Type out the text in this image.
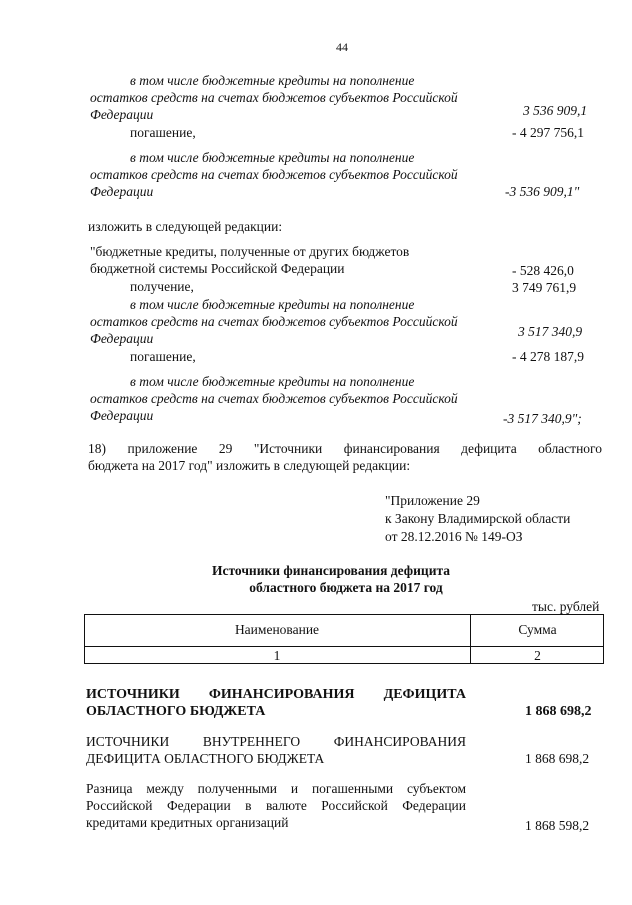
44
в том числе бюджетные кредиты на пополнение
остатков средств на счетах бюджетов субъектов Российской
Федерации	3 536 909,1
погашение,	- 4 297 756,1
в том числе бюджетные кредиты на пополнение
остатков средств на счетах бюджетов субъектов Российской
Федерации	-3 536 909,1"
изложить в следующей редакции:
"бюджетные кредиты, полученные от других бюджетов
бюджетной системы Российской Федерации	- 528 426,0
получение,	3 749 761,9
в том числе бюджетные кредиты на пополнение
остатков средств на счетах бюджетов субъектов Российской
Федерации	3 517 340,9
погашение,	- 4 278 187,9
в том числе бюджетные кредиты на пополнение
остатков средств на счетах бюджетов субъектов Российской
Федерации	-3 517 340,9";
18) приложение 29 "Источники финансирования дефицита областного
бюджета на 2017 год" изложить в следующей редакции:
"Приложение 29
к Закону Владимирской области
от 28.12.2016 № 149-ОЗ
Источники финансирования дефицита
областного бюджета на 2017 год
тыс. рублей
Наименование	Сумма
1	2
ИСТОЧНИКИ ФИНАНСИРОВАНИЯ ДЕФИЦИТА
ОБЛАСТНОГО БЮДЖЕТА	1 868 698,2
ИСТОЧНИКИ ВНУТРЕННЕГО ФИНАНСИРОВАНИЯ
ДЕФИЦИТА ОБЛАСТНОГО БЮДЖЕТА	1 868 698,2
Разница между полученными и погашенными субъектом
Российской Федерации в валюте Российской Федерации
кредитами кредитных организаций	1 868 598,2
